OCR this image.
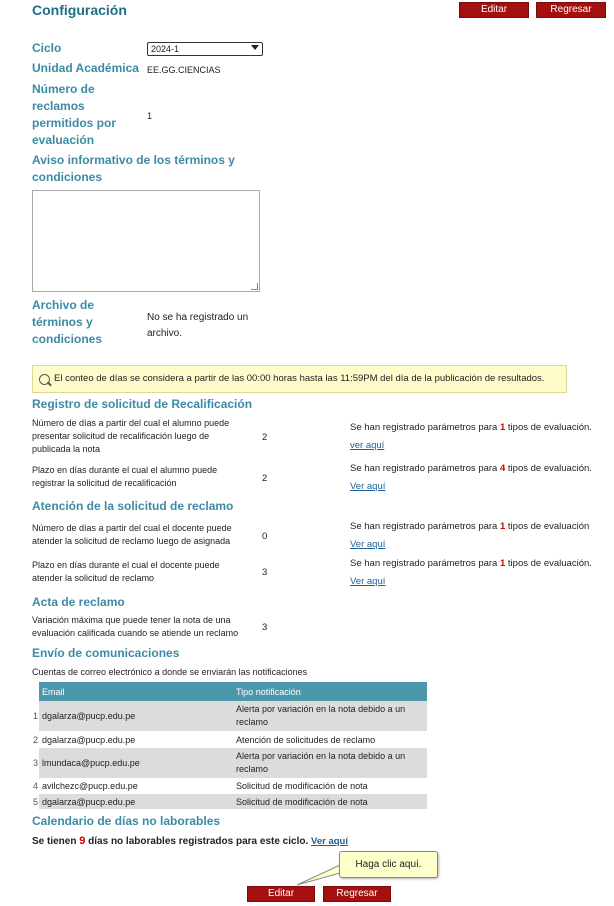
Configuración	Editar	Regresar
Ciclo	2024-1
Unidad Académica EE.GG.CIENCIAS
Número de
reclamos
permitidos por
evaluación
1
Aviso informativo de los términos y
condiciones
Archivo de
términos y
condiciones
No se ha registrado un
archivo.
El conteo de días se considera a partir de las 00:00 horas hasta las 11:59PM del día de la publicación de resultados.
Registro de solicitud de Recalificación
Número de días a partir del cual el alumno puede
presentar solicitud de recalificación luego de
publicada la nota
2
Se han registrado parámetros para 1 tipos de evaluación.
ver aquí
Plazo en días durante el cual el alumno puede
registrar la solicitud de recalificación	2
Se han registrado parámetros para 4 tipos de evaluación.
Ver aquí
Atención de la solicitud de reclamo
Número de días a partir del cual el docente puede
atender la solicitud de reclamo luego de asignada	0
Se han registrado parámetros para 1 tipos de evaluación
Ver aquí
Plazo en días durante el cual el docente puede
atender la solicitud de reclamo	3
Se han registrado parámetros para 1 tipos de evaluación.
Ver aquí
Acta de reclamo
Variación máxima que puede tener la nota de una
evaluación calificada cuando se atiende un reclamo	3
Envío de comunicaciones
Cuentas de correo electrónico a donde se enviarán las notificaciones
	Email	Tipo notificación
1	dgalarza@pucp.edu.pe	Alerta por variación en la nota debido a un reclamo
2	dgalarza@pucp.edu.pe	Atención de solicitudes de reclamo
3	lmundaca@pucp.edu.pe	Alerta por variación en la nota debido a un reclamo
4	avilchezc@pucp.edu.pe	Solicitud de modificación de nota
5	dgalarza@pucp.edu.pe	Solicitud de modificación de nota
Calendario de días no laborables
Se tienen 9 días no laborables registrados para este ciclo. Ver aquí
Haga clic aquí.
Editar	Regresar
